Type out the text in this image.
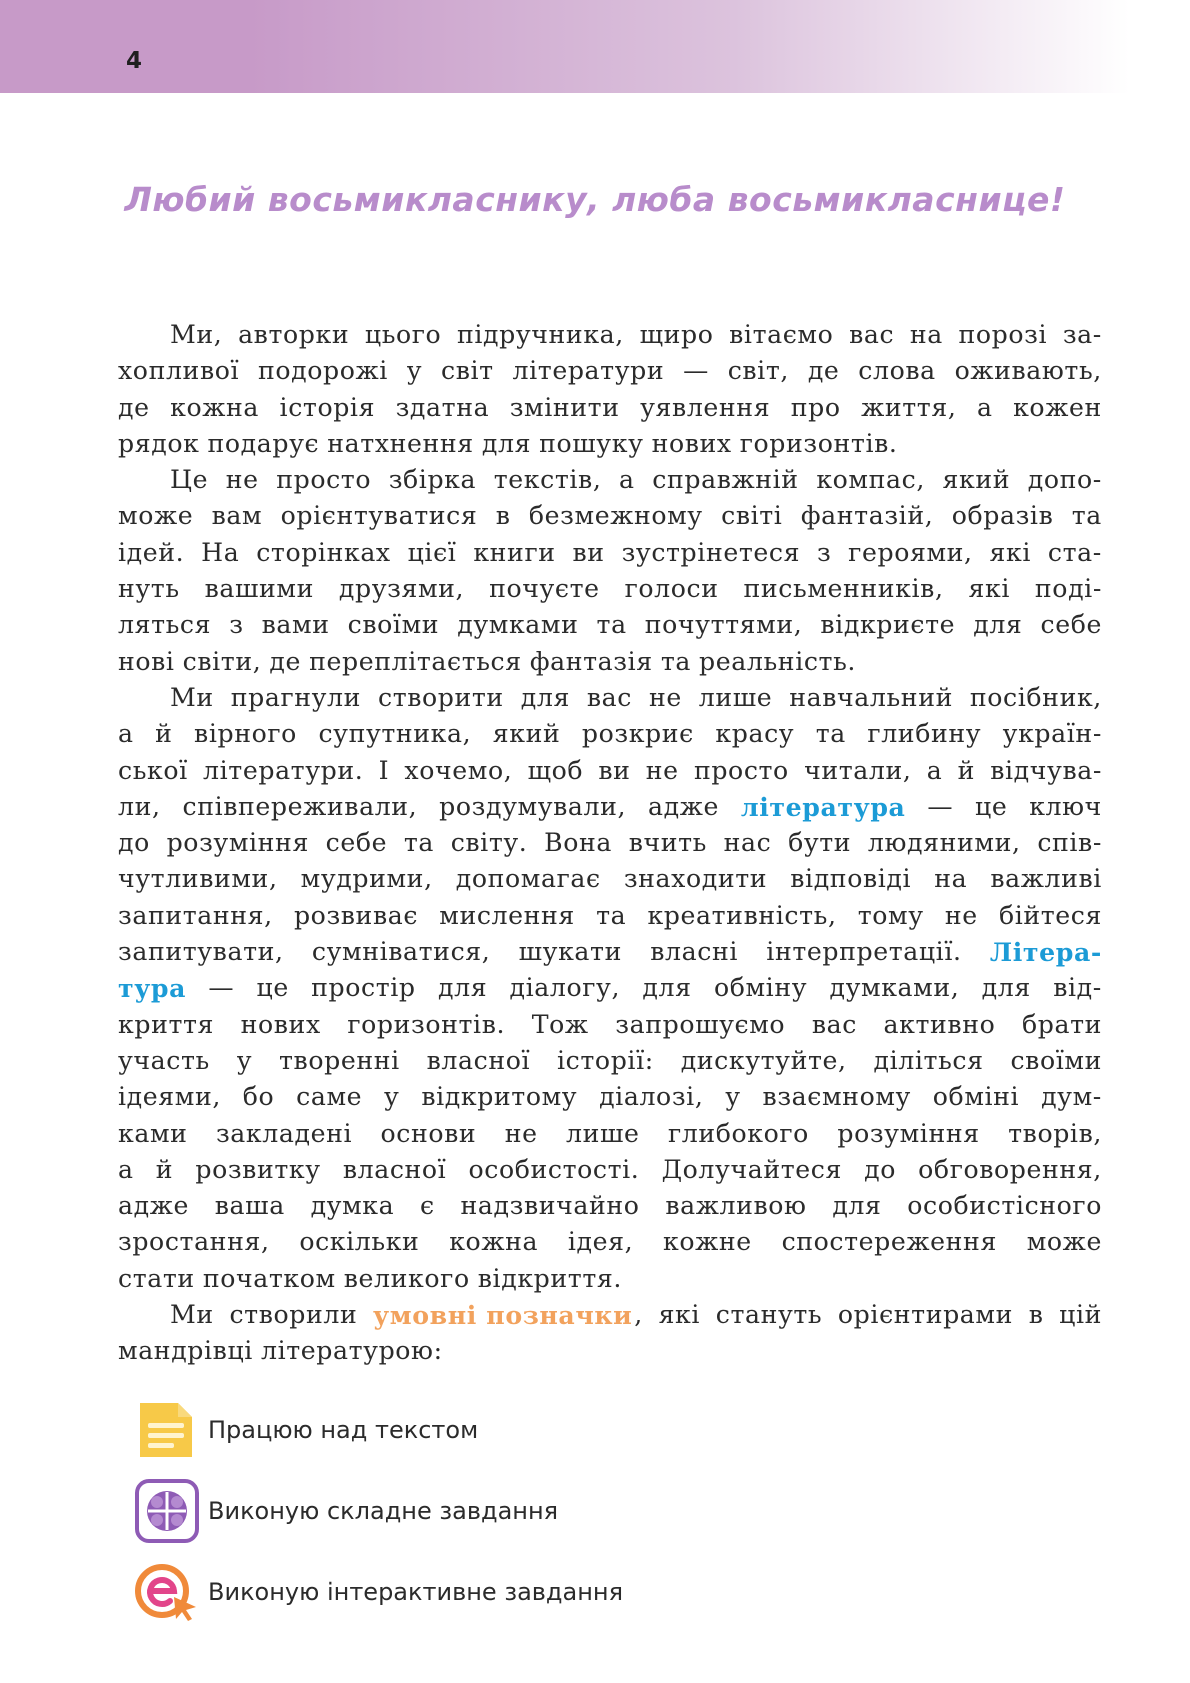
4
Любий восьмикласнику, люба восьмикласнице!
Ми, авторки цього підручника, щиро вітаємо вас на порозі за-
хопливої подорожі у світ літератури — світ, де слова оживають,
де кожна історія здатна змінити уявлення про життя, а кожен
рядок подарує натхнення для пошуку нових горизонтів.
Це не просто збірка текстів, а справжній компас, який допо-
може вам орієнтуватися в безмежному світі фантазій, образів та
ідей. На сторінках цієї книги ви зустрінетеся з героями, які ста-
нуть вашими друзями, почуєте голоси письменників, які поді-
ляться з вами своїми думками та почуттями, відкриєте для себе
нові світи, де переплітається фантазія та реальність.
Ми прагнули створити для вас не лише навчальний посібник,
а й вірного супутника, який розкриє красу та глибину україн-
ської літератури. І хочемо, щоб ви не просто читали, а й відчува-
ли, співпереживали, роздумували, адже література — це ключ
до розуміння себе та світу. Вона вчить нас бути людяними, спів-
чутливими, мудрими, допомагає знаходити відповіді на важливі
запитання, розвиває мислення та креативність, тому не бійтеся
запитувати, сумніватися, шукати власні інтерпретації. Літера-
тура — це простір для діалогу, для обміну думками, для від-
криття нових горизонтів. Тож запрошуємо вас активно брати
участь у творенні власної історії: дискутуйте, діліться своїми
ідеями, бо саме у відкритому діалозі, у взаємному обміні дум-
ками закладені основи не лише глибокого розуміння творів,
а й розвитку власної особистості. Долучайтеся до обговорення,
адже ваша думка є надзвичайно важливою для особистісного
зростання, оскільки кожна ідея, кожне спостереження може
стати початком великого відкриття.
Ми створили умовні позначки , які стануть орієнтирами в цій
мандрівці літературою:
Працюю над текстом
Виконую складне завдання
Виконую інтерактивне завдання
